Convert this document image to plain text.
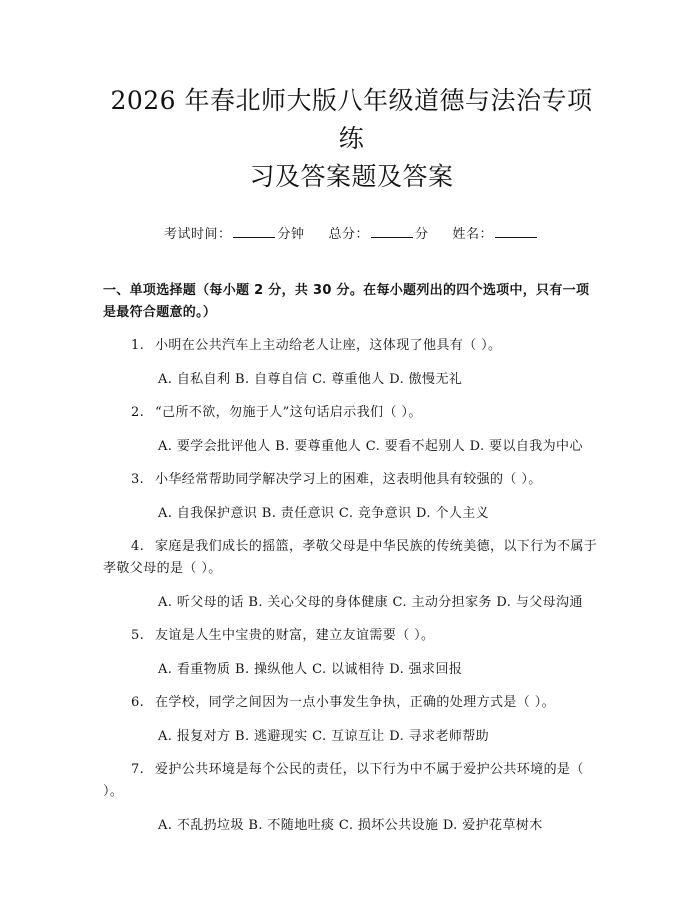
2026 年春北师大版八年级道德与法治专项练
习及答案题及答案
考试时间：	分钟 总分：	分 姓名：
一、单项选择题（每小题 2 分，共 30 分。在每小题列出的四个选项中，只有一项是最符合题意的。）
1. 小明在公共汽车上主动给老人让座，这体现了他具有（ ）。
A. 自私自利 B. 自尊自信 C. 尊重他人 D. 傲慢无礼
2. “己所不欲，勿施于人”这句话启示我们（ ）。
A. 要学会批评他人 B. 要尊重他人 C. 要看不起别人 D. 要以自我为中心
3. 小华经常帮助同学解决学习上的困难，这表明他具有较强的（ ）。
A. 自我保护意识 B. 责任意识 C. 竞争意识 D. 个人主义
4. 家庭是我们成长的摇篮，孝敬父母是中华民族的传统美德，以下行为不属于孝敬父母的是（ ）。
A. 听父母的话 B. 关心父母的身体健康 C. 主动分担家务 D. 与父母沟通
5. 友谊是人生中宝贵的财富，建立友谊需要（ ）。
A. 看重物质 B. 操纵他人 C. 以诚相待 D. 强求回报
6. 在学校，同学之间因为一点小事发生争执，正确的处理方式是（ ）。
A. 报复对方 B. 逃避现实 C. 互谅互让 D. 寻求老师帮助
7. 爱护公共环境是每个公民的责任，以下行为中不属于爱护公共环境的是（ ）。
A. 不乱扔垃圾 B. 不随地吐痰 C. 损坏公共设施 D. 爱护花草树木
